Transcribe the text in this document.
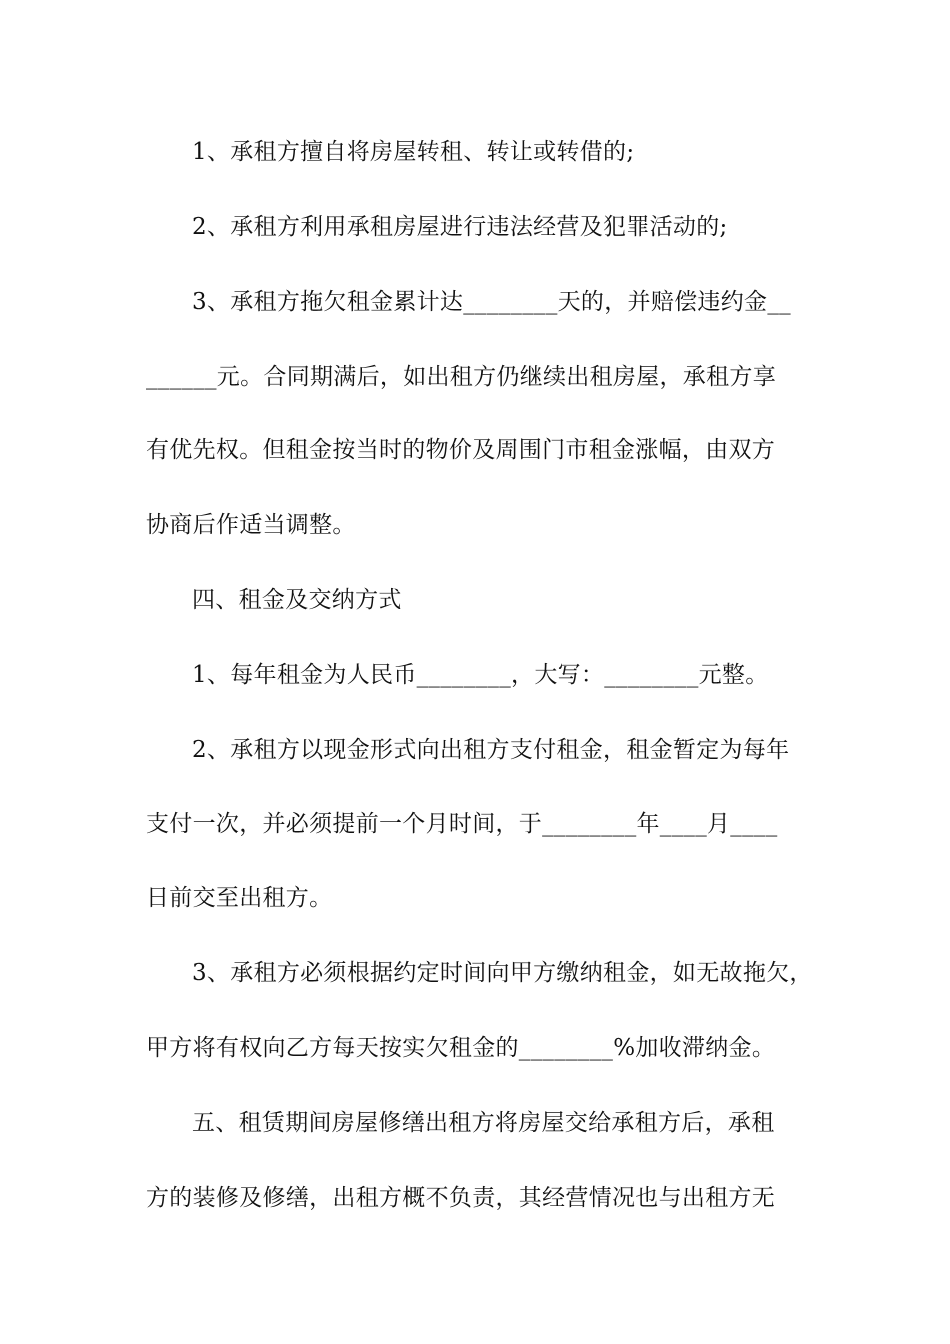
1、承租方擅自将房屋转租、转让或转借的;
2、承租方利用承租房屋进行违法经营及犯罪活动的;
3、承租方拖欠租金累计达________天的，并赔偿违约金__
______元。合同期满后，如出租方仍继续出租房屋，承租方享
有优先权。但租金按当时的物价及周围门市租金涨幅，由双方
协商后作适当调整。
四、租金及交纳方式
1、每年租金为人民币________，大写：________元整。
2、承租方以现金形式向出租方支付租金，租金暂定为每年
支付一次，并必须提前一个月时间，于________年____月____
日前交至出租方。
3、承租方必须根据约定时间向甲方缴纳租金，如无故拖欠，
甲方将有权向乙方每天按实欠租金的________%加收滞纳金。
五、租赁期间房屋修缮出租方将房屋交给承租方后，承租
方的装修及修缮，出租方概不负责，其经营情况也与出租方无
